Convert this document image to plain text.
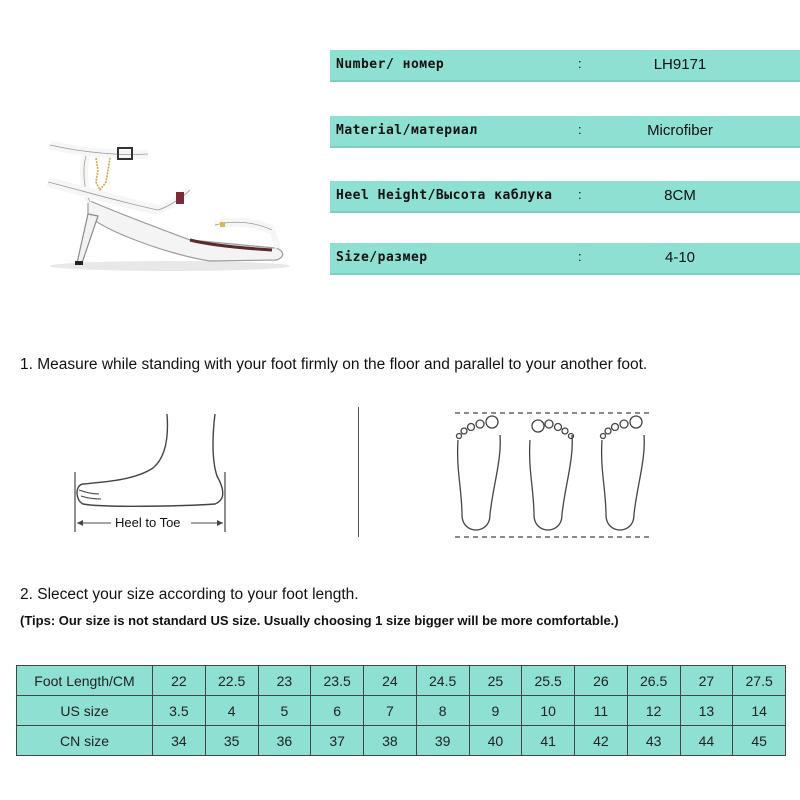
Number/ номер	:	LH9171
Material/материал	:	Microfiber
Heel Height/Высота каблука :	8CM
Size/размер	:	4-10
1. Measure while standing with your foot firmly on the floor and parallel to your another foot.
Heel to Toe
2. Slecect your size according to your foot length.
(Tips: Our size is not standard US size. Usually choosing 1 size bigger will be more comfortable.)
Foot Length/CM	22	22.5	23	23.5	24	24.5	25	25.5	26	26.5	27	27.5
US size	3.5	4	5	6	7	8	9	10	11	12	13	14
CN size	34	35	36	37	38	39	40	41	42	43	44	45
